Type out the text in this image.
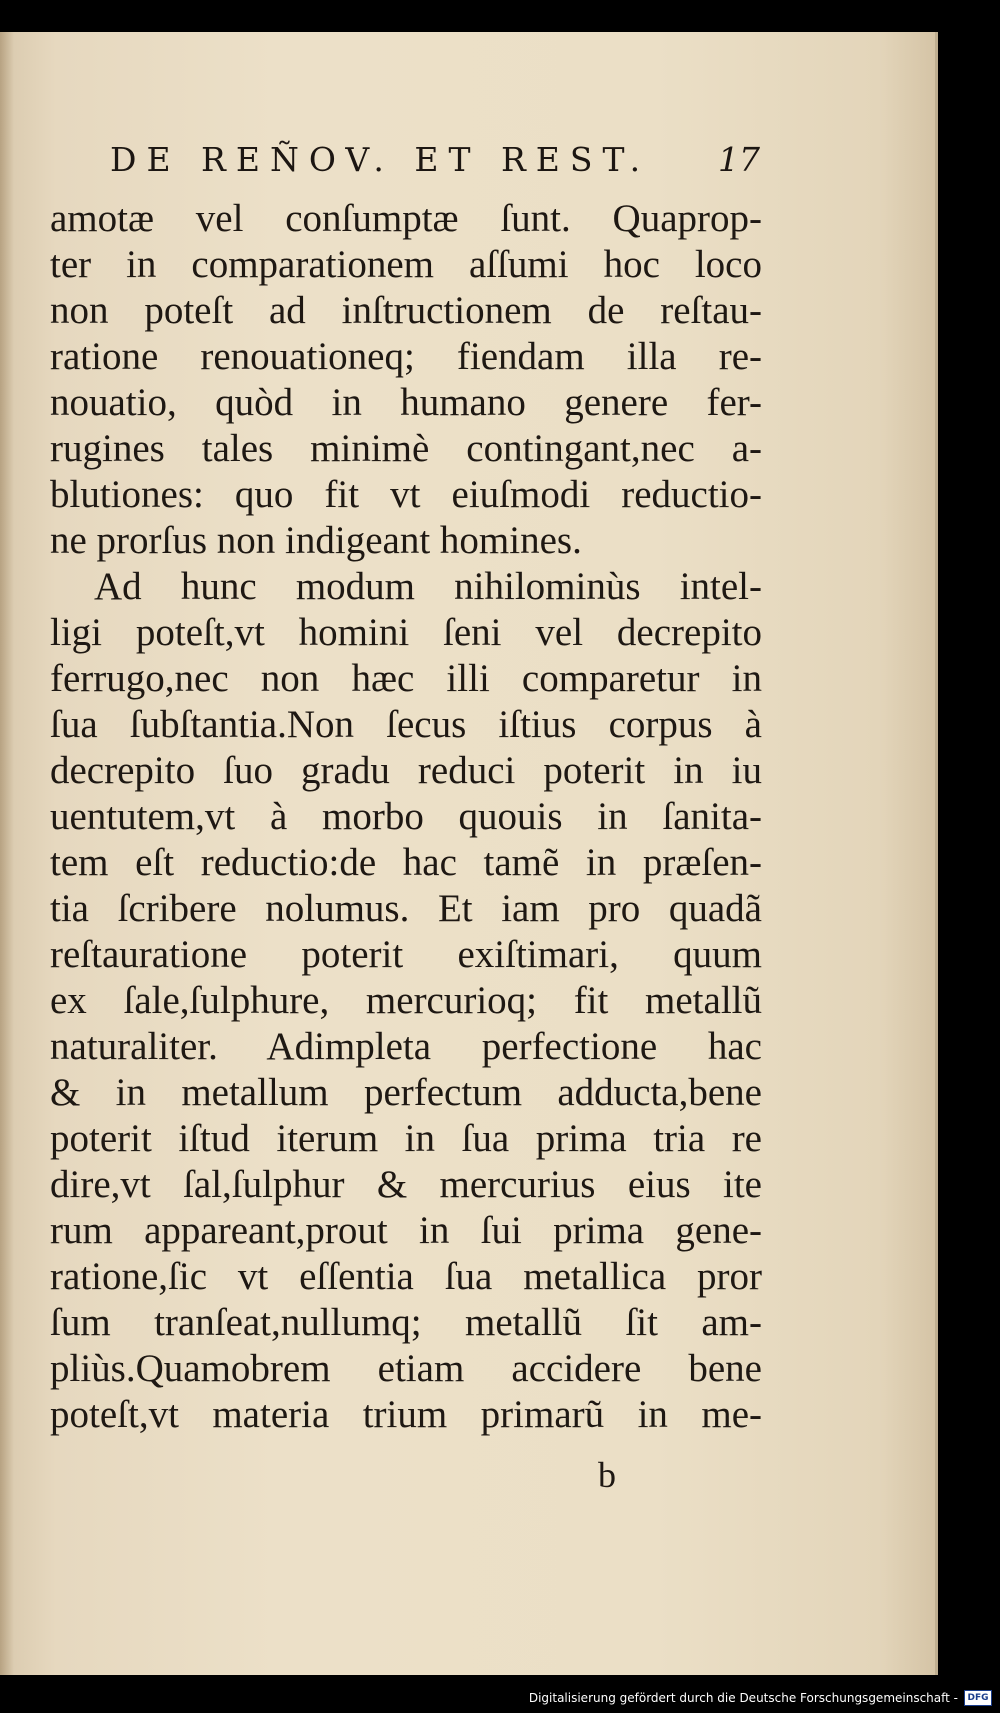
DE REÑOV. ET REST.	17
amotæ vel conſumptæ ſunt. Quaprop-
ter in comparationem aſſumi hoc loco
non poteſt ad inſtructionem de reſtau-
ratione renouationeq; fiendam illa re-
nouatio, quòd in humano genere fer-
rugines tales minimè contingant,nec a-
blutiones: quo fit vt eiuſmodi reductio-
ne prorſus non indigeant homines.
Ad hunc modum nihilominùs intel-
ligi poteſt,vt homini ſeni vel decrepito
ferrugo,nec non hæc illi comparetur in
ſua ſubſtantia.Non ſecus iſtius corpus à
decrepito ſuo gradu reduci poterit in iu
uentutem,vt à morbo quouis in ſanita-
tem eſt reductio:de hac tamẽ in præſen-
tia ſcribere nolumus. Et iam pro quadã
reſtauratione poterit exiſtimari, quum
ex ſale,ſulphure, mercurioq; fit metallũ
naturaliter. Adimpleta perfectione hac
& in metallum perfectum adducta,bene
poterit iſtud iterum in ſua prima tria re
dire,vt ſal,ſulphur & mercurius eius ite
rum appareant,prout in ſui prima gene-
ratione,ſic vt eſſentia ſua metallica pror
ſum tranſeat,nullumq; metallũ ſit am-
pliùs.Quamobrem etiam accidere bene
poteſt,vt materia trium primarũ in me-
b
Digitalisierung gefördert durch die Deutsche Forschungsgemeinschaft -	DFG
